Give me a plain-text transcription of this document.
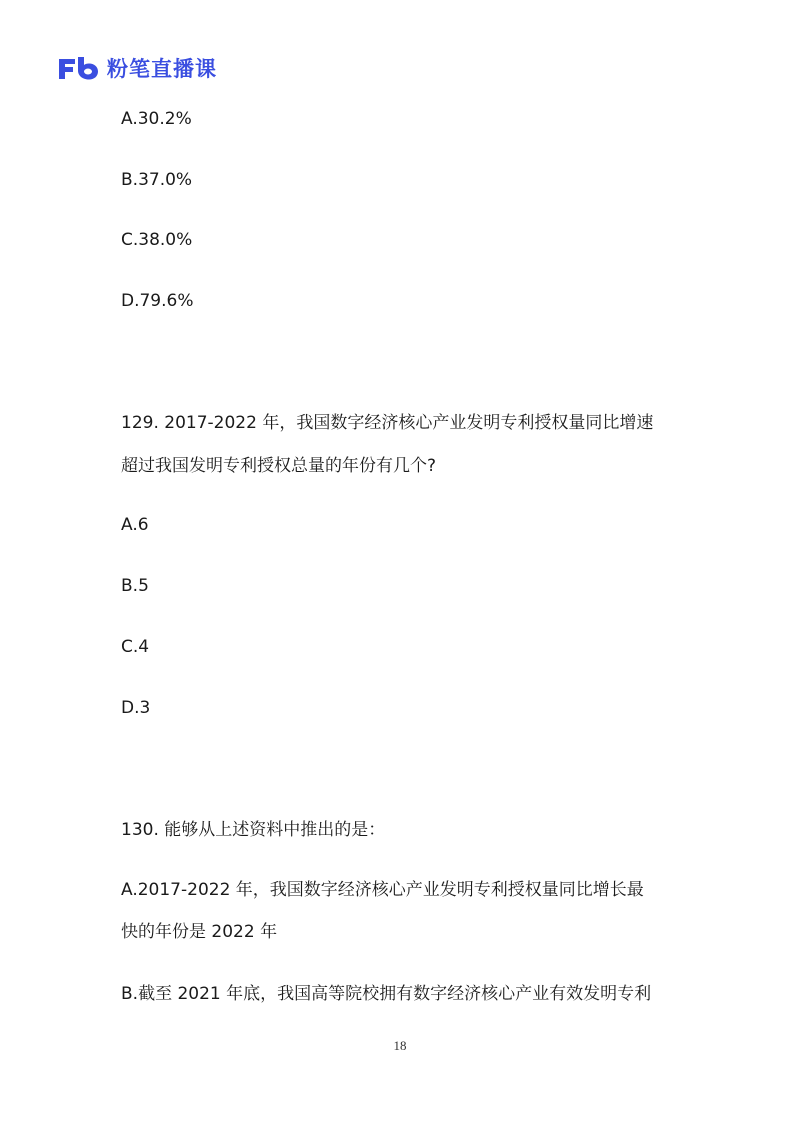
粉笔直播课
A.30.2%
B.37.0%
C.38.0%
D.79.6%
129. 2017-2022 年，我国数字经济核心产业发明专利授权量同比增速
超过我国发明专利授权总量的年份有几个?
A.6
B.5
C.4
D.3
130. 能够从上述资料中推出的是：
A.2017-2022 年，我国数字经济核心产业发明专利授权量同比增长最
快的年份是 2022 年
B.截至 2021 年底，我国高等院校拥有数字经济核心产业有效发明专利
18
